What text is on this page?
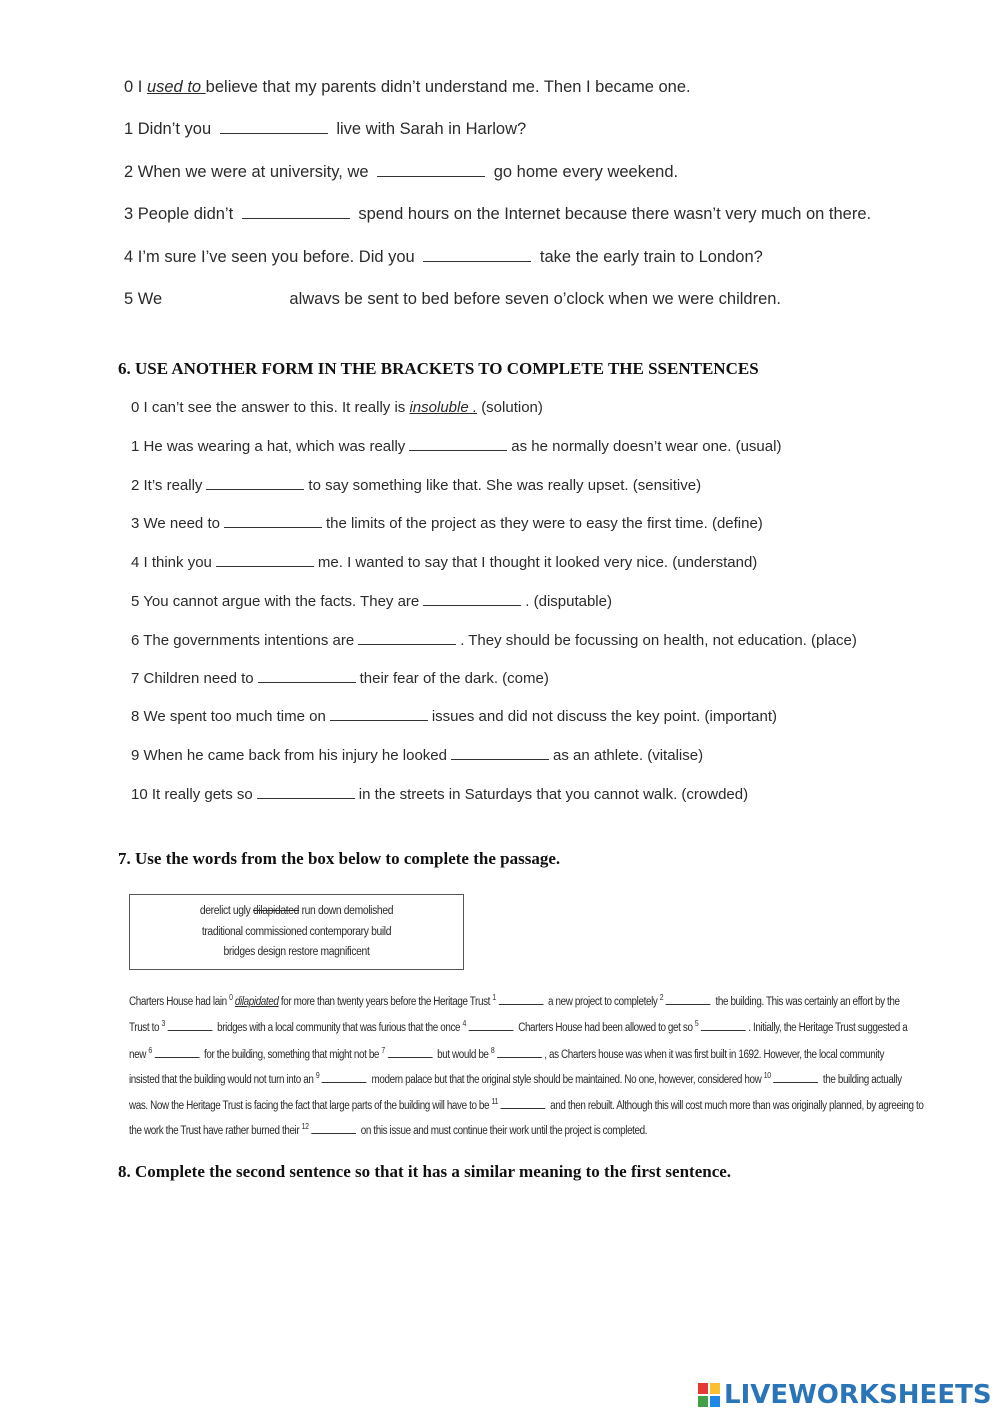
0 I used to believe that my parents didn’t understand me. Then I became one.
1 Didn’t you	live with Sarah in Harlow?
2 When we were at university, we	go home every weekend.
3 People didn’t	spend hours on the Internet because there wasn’t very much on there.
4 I’m sure I’ve seen you before. Did you	take the early train to London?
5 We	alwavs be sent to bed before seven o’clock when we were children.
6. USE ANOTHER FORM IN THE BRACKETS TO COMPLETE THE SSENTENCES
0 I can’t see the answer to this. It really is insoluble . (solution)
1 He was wearing a hat, which was really	as he normally doesn’t wear one. (usual)
2 It’s really	to say something like that. She was really upset. (sensitive)
3 We need to	the limits of the project as they were to easy the first time. (define)
4 I think you	me. I wanted to say that I thought it looked very nice. (understand)
5 You cannot argue with the facts. They are	. (disputable)
6 The governments intentions are	. They should be focussing on health, not education. (place)
7 Children need to	their fear of the dark. (come)
8 We spent too much time on	issues and did not discuss the key point. (important)
9 When he came back from his injury he looked	as an athlete. (vitalise)
10 It really gets so	in the streets in Saturdays that you cannot walk. (crowded)
7. Use the words from the box below to complete the passage.
derelict ugly dilapidated run down demolished
traditional commissioned contemporary build
bridges design restore magnificent
Charters House had lain $^0$ dilapidated for more than twenty years before the Heritage Trust $^1$	a new project to completely $^2$	the building. This was certainly an effort by the
Trust to $^3$	bridges with a local community that was furious that the once $^4$	Charters House had been allowed to get so $^5$	. Initially, the Heritage Trust suggested a
new $^6$	for the building, something that might not be $^7$	but would be $^8$	, as Charters house was when it was first built in 1692. However, the local community
insisted that the building would not turn into an $^9$	modern palace but that the original style should be maintained. No one, however, considered how $^{10}$	the building actually
was. Now the Heritage Trust is facing the fact that large parts of the building will have to be $^{11}$	and then rebuilt. Although this will cost much more than was originally planned, by agreeing to
the work the Trust have rather burned their $^{12}$	on this issue and must continue their work until the project is completed.
8. Complete the second sentence so that it has a similar meaning to the first sentence.
LIVEWORKSHEETS
